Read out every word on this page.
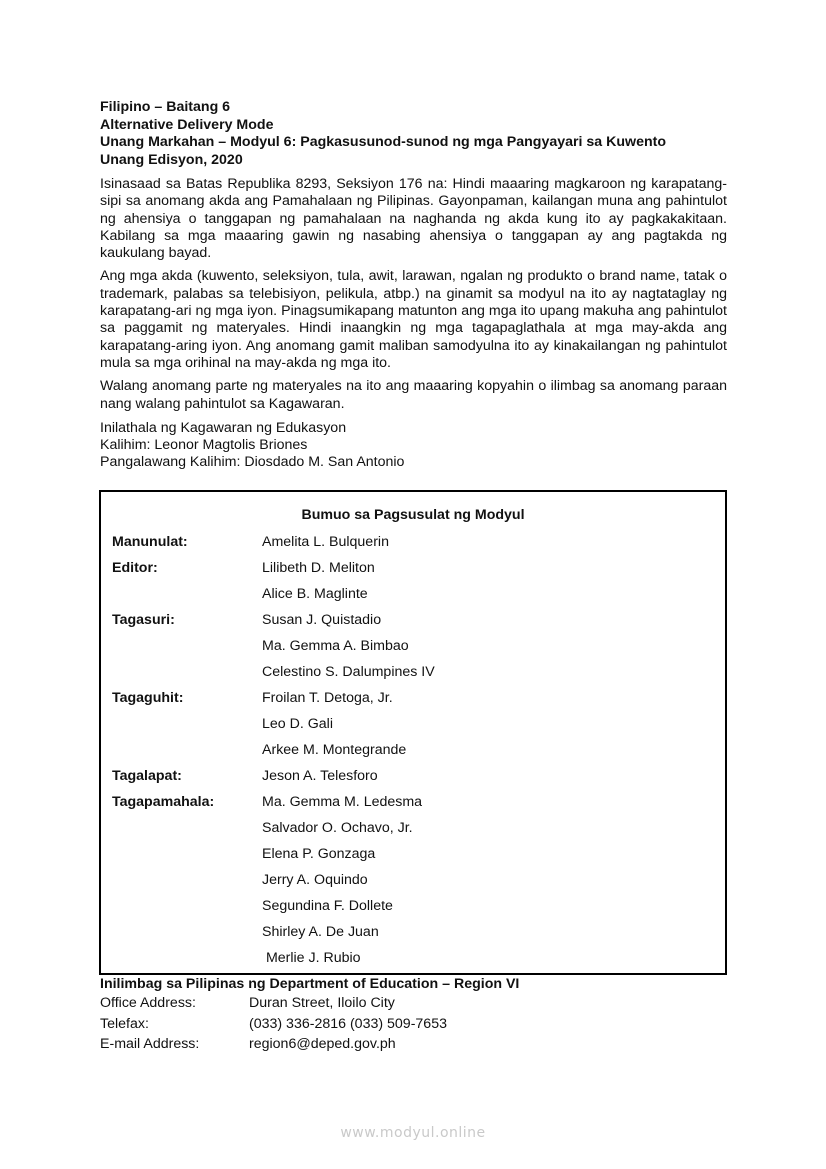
Filipino – Baitang 6

Alternative Delivery Mode

Unang Markahan – Modyul 6: Pagkasusunod-sunod ng mga Pangyayari sa Kuwento

Unang Edisyon, 2020

Isinasaad sa Batas Republika 8293, Seksiyon 176 na: Hindi maaaring magkaroon ng karapatang-sipi sa anomang akda ang Pamahalaan ng Pilipinas. Gayonpaman, kailangan muna ang pahintulot ng ahensiya o tanggapan ng pamahalaan na naghanda ng akda kung ito ay pagkakakitaan. Kabilang sa mga maaaring gawin ng nasabing ahensiya o tanggapan ay ang pagtakda ng kaukulang bayad.

Ang mga akda (kuwento, seleksiyon, tula, awit, larawan, ngalan ng produkto o brand name, tatak o trademark, palabas sa telebisiyon, pelikula, atbp.) na ginamit sa modyul na ito ay nagtataglay ng karapatang-ari ng mga iyon. Pinagsumikapang matunton ang mga ito upang makuha ang pahintulot sa paggamit ng materyales. Hindi inaangkin ng mga tagapaglathala at mga may-akda ang karapatang-aring iyon. Ang anomang gamit maliban samodyulna ito ay kinakailangan ng pahintulot mula sa mga orihinal na may-akda ng mga ito.

Walang anomang parte ng materyales na ito ang maaaring kopyahin o ilimbag sa anomang paraan nang walang pahintulot sa Kagawaran.

Inilathala ng Kagawaran ng Edukasyon

Kalihim: Leonor Magtolis Briones

Pangalawang Kalihim: Diosdado M. San Antonio

Bumuo sa Pagsusulat ng Modyul
Manunulat:	Amelita L. Bulquerin
Editor:	Lilibeth D. Meliton
Alice B. Maglinte
Tagasuri:	Susan J. Quistadio
Ma. Gemma A. Bimbao
Celestino S. Dalumpines IV
Tagaguhit:	Froilan T. Detoga, Jr.
Leo D. Gali
Arkee M. Montegrande
Tagalapat:	Jeson A. Telesforo
Tagapamahala:	Ma. Gemma M. Ledesma
Salvador O. Ochavo, Jr.
Elena P. Gonzaga
Jerry A. Oquindo
Segundina F. Dollete
Shirley A. De Juan
Merlie J. Rubio

Inilimbag sa Pilipinas ng Department of Education – Region VI

Office Address:	Duran Street, Iloilo City
Telefax:	(033) 336-2816 (033) 509-7653
E-mail Address:	region6@deped.gov.ph
www.modyul.online
